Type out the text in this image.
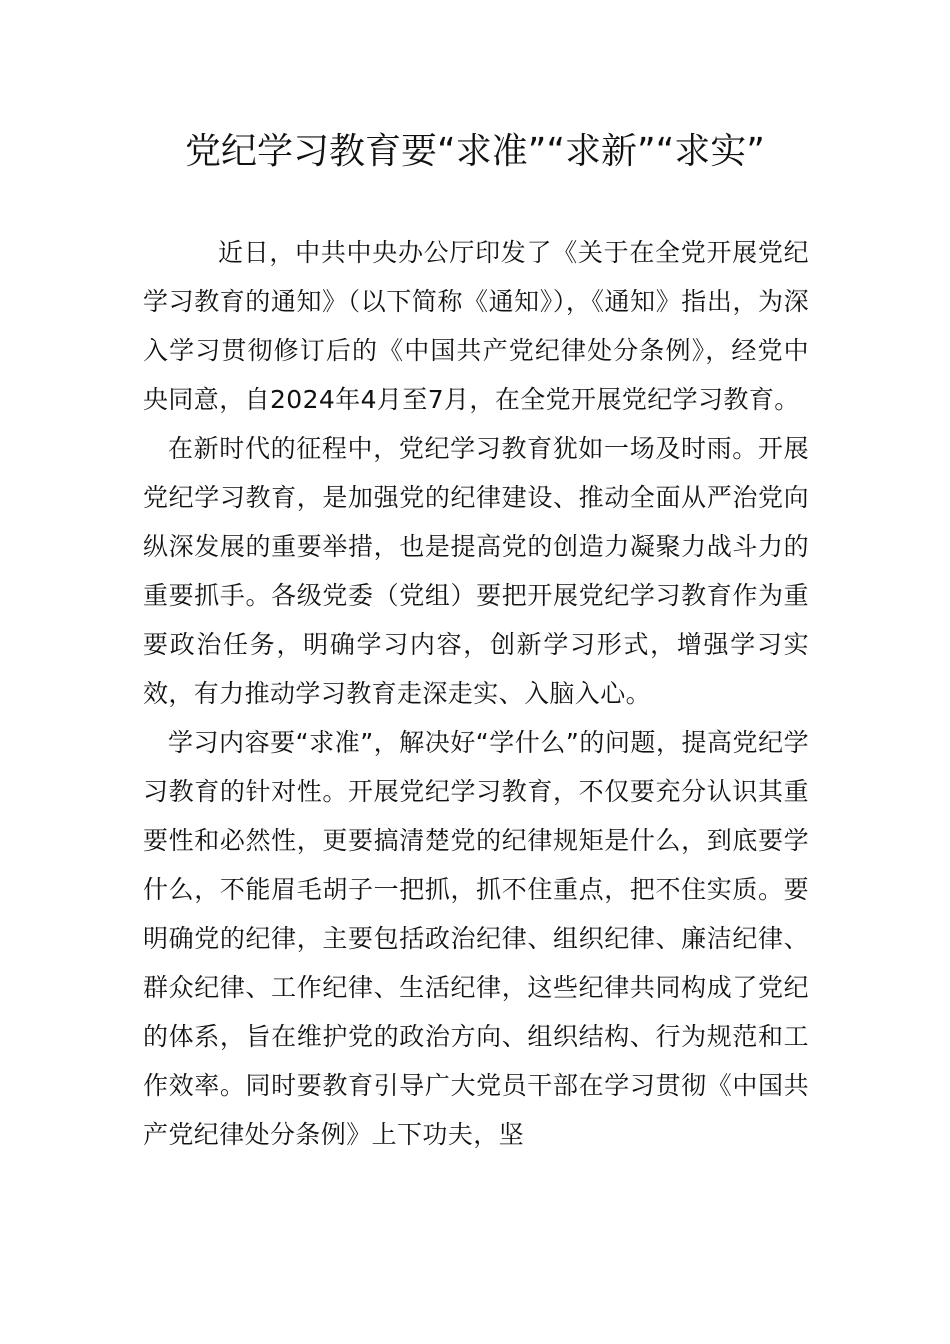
党纪学习教育要“求准”“求新”“求实”

近日，中共中央办公厅印发了《关于在全党开展党纪学习教育的通知》（以下简称《通知》），《通知》指出，为深入学习贯彻修订后的《中国共产党纪律处分条例》，经党中央同意，自2024年4月至7月，在全党开展党纪学习教育。

在新时代的征程中，党纪学习教育犹如一场及时雨。开展党纪学习教育，是加强党的纪律建设、推动全面从严治党向纵深发展的重要举措，也是提高党的创造力凝聚力战斗力的重要抓手。各级党委（党组）要把开展党纪学习教育作为重要政治任务，明确学习内容，创新学习形式，增强学习实效，有力推动学习教育走深走实、入脑入心。

学习内容要“求准”，解决好“学什么”的问题，提高党纪学习教育的针对性。开展党纪学习教育，不仅要充分认识其重要性和必然性，更要搞清楚党的纪律规矩是什么，到底要学什么，不能眉毛胡子一把抓，抓不住重点，把不住实质。要明确党的纪律，主要包括政治纪律、组织纪律、廉洁纪律、群众纪律、工作纪律、生活纪律，这些纪律共同构成了党纪的体系，旨在维护党的政治方向、组织结构、行为规范和工作效率。同时要教育引导广大党员干部在学习贯彻《中国共产党纪律处分条例》上下功夫，坚
